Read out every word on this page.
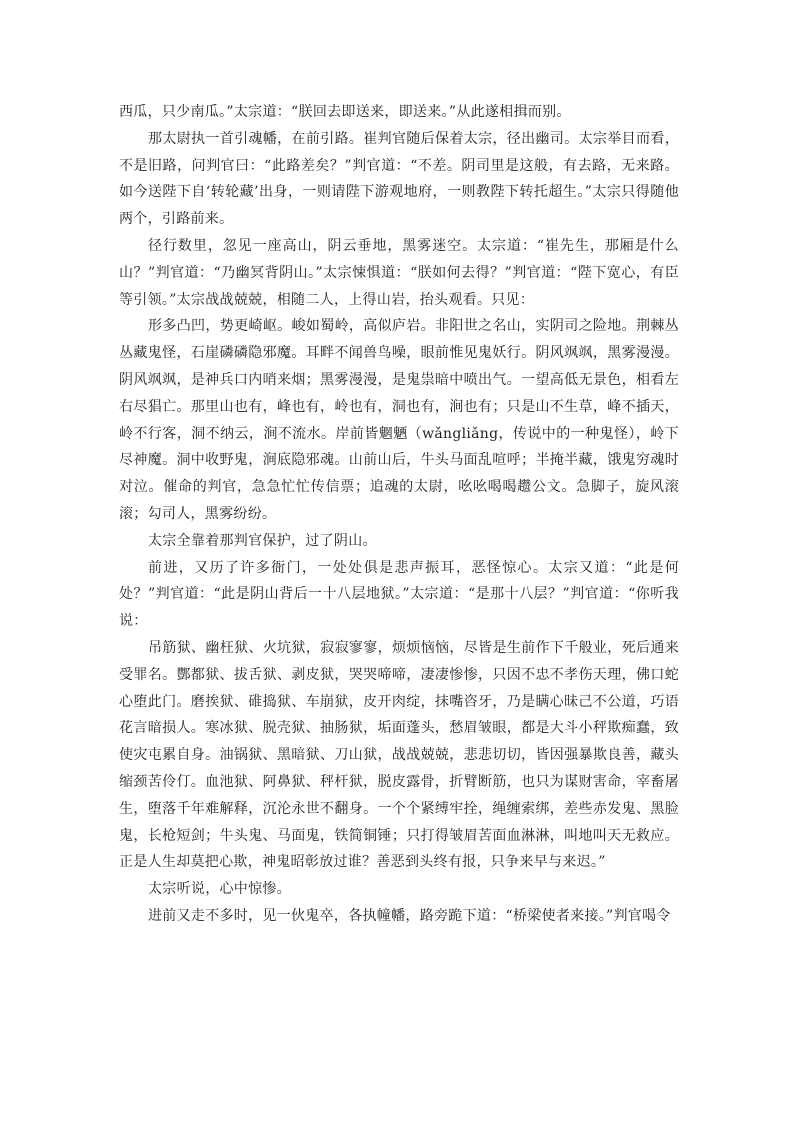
西瓜，只少南瓜。”太宗道：“朕回去即送来，即送来。”从此遂相揖而别。

那太尉执一首引魂幡，在前引路。崔判官随后保着太宗，径出幽司。太宗举目而看，不是旧路，问判官曰：“此路差矣？”判官道：“不差。阴司里是这般，有去路，无来路。如今送陛下自‘转轮藏’出身，一则请陛下游观地府，一则教陛下转托超生。”太宗只得随他两个，引路前来。

径行数里，忽见一座高山，阴云垂地，黑雾迷空。太宗道：“崔先生，那厢是什么山？”判官道：“乃幽冥背阴山。”太宗悚惧道：“朕如何去得？”判官道：“陛下宽心，有臣等引领。”太宗战战兢兢，相随二人，上得山岩，抬头观看。只见：

形多凸凹，势更崎岖。峻如蜀岭，高似庐岩。非阳世之名山，实阴司之险地。荆棘丛丛藏鬼怪，石崖磷磷隐邪魔。耳畔不闻兽鸟噪，眼前惟见鬼妖行。阴风飒飒，黑雾漫漫。阴风飒飒，是神兵口内哨来烟；黑雾漫漫，是鬼祟暗中喷出气。一望高低无景色，相看左右尽猖亡。那里山也有，峰也有，岭也有，洞也有，涧也有；只是山不生草，峰不插天，岭不行客，洞不纳云，涧不流水。岸前皆魍魉（wǎngliǎng，传说中的一种鬼怪），岭下尽神魔。洞中收野鬼，涧底隐邪魂。山前山后，牛头马面乱喧呼；半掩半藏，饿鬼穷魂时对泣。催命的判官，急急忙忙传信票；追魂的太尉，吆吆喝喝趱公文。急脚子，旋风滚滚；勾司人，黑雾纷纷。

太宗全靠着那判官保护，过了阴山。

前进，又历了许多衙门，一处处俱是悲声振耳，恶怪惊心。太宗又道：“此是何处？”判官道：“此是阴山背后一十八层地狱。”太宗道：“是那十八层？”判官道：“你听我说：

吊筋狱、幽枉狱、火坑狱，寂寂寥寥，烦烦恼恼，尽皆是生前作下千般业，死后通来受罪名。酆都狱、拔舌狱、剥皮狱，哭哭啼啼，凄凄惨惨，只因不忠不孝伤天理，佛口蛇心堕此门。磨挨狱、碓捣狱、车崩狱，皮开肉绽，抹嘴咨牙，乃是瞒心昧己不公道，巧语花言暗损人。寒冰狱、脱壳狱、抽肠狱，垢面蓬头，愁眉皱眼，都是大斗小秤欺痴蠢，致使灾屯累自身。油锅狱、黑暗狱、刀山狱，战战兢兢，悲悲切切，皆因强暴欺良善，藏头缩颈苦伶仃。血池狱、阿鼻狱、秤杆狱，脱皮露骨，折臂断筋，也只为谋财害命，宰畜屠生，堕落千年难解释，沉沦永世不翻身。一个个紧缚牢拴，绳缠索绑，差些赤发鬼、黑脸鬼，长枪短剑；牛头鬼、马面鬼，铁简铜锤；只打得皱眉苦面血淋淋，叫地叫天无救应。正是人生却莫把心欺，神鬼昭彰放过谁？善恶到头终有报，只争来早与来迟。”

太宗听说，心中惊惨。

进前又走不多时，见一伙鬼卒，各执幢幡，路旁跪下道：“桥梁使者来接。”判官喝令
